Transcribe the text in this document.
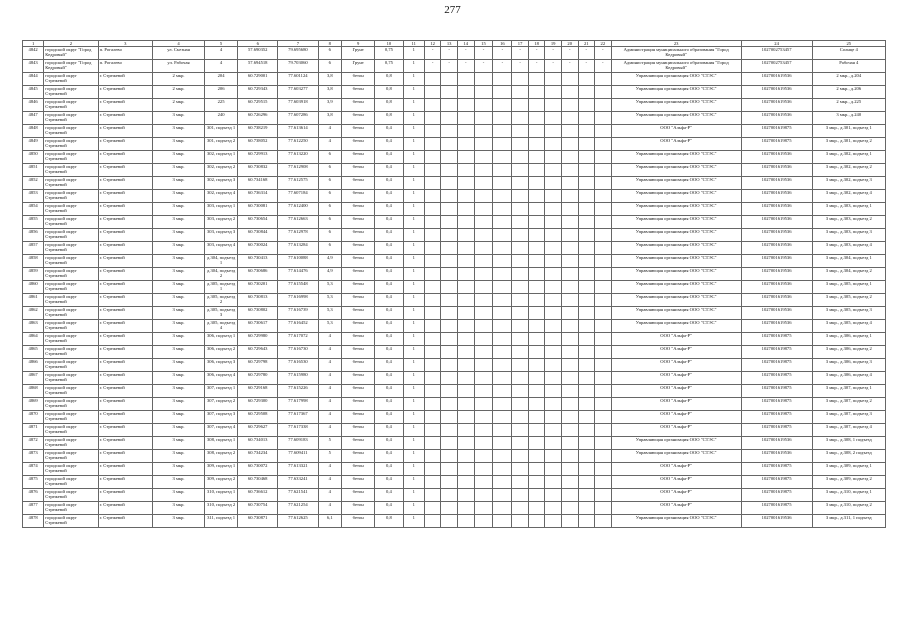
277
1	2	3	4	5	6	7	8	9	10	11	12	13	14	15	16	17	18	19	20	21	22	23	24	25
4842	городской округ "Город Кедровый"	п. Рогалево	ул. Съезная	4	57.690352	79.695680	6	Грунт	0,75	1	-	-	-	-	-	-	-	-	-	-	-	Администрация муниципального образования "Город Кедровый"	1027002753457	Солнце 4
4843	городской округ "Город Кедровый"	п. Рогалево	ул. Рабочая	4	57.694518	79.703060	6	Грунт	0,75	1	-	-	-	-	-	-	-	-	-	-	-	Администрация муниципального образования "Город Кедровый"	1027002753457	Рабочая 4
4844	городской округ Стрежевой	г. Стрежевой	2 мкр.	204	60.729001	77.601124	3,8	бетон	0,8	1												Управляющая организация ООО "СТЭС"	1027001619536	2 мкр., д.204
4845	городской округ Стрежевой	г. Стрежевой	2 мкр.	206	60.729343	77.603277	3,8	бетон	0,8	1												Управляющая организация ООО "СТЭС"	1027001619536	2 мкр., д.206
4846	городской округ Стрежевой	г. Стрежевой	2 мкр.	225	60.729515	77.603918	3,9	бетон	0,8	1												Управляющая организация ООО "СТЭС"	1027001619536	2 мкр., д.225
4847	городской округ Стрежевой	г. Стрежевой	3 мкр.	240	60.726296	77.607286	3,8	бетон	0,8	1												Управляющая организация ООО "СТЭС"	1027001619536	3 мкр., д.240
4848	городской округ Стрежевой	г. Стрежевой	3 мкр.	301, подъезд 1	60.738219	77.613614	4	бетон	0,4	1												ООО "Альфа-Р"	1027001619875	3 мкр., д.301, подъезд 1
4849	городской округ Стрежевой	г. Стрежевой	3 мкр.	301, подъезд 2	60.738052	77.612250	4	бетон	0,4	1												ООО "Альфа-Р"	1027001619875	3 мкр., д.301, подъезд 2
4850	городской округ Стрежевой	г. Стрежевой	3 мкр.	302, подъезд 1	60.729913	77.613220	6	бетон	0,4	1												Управляющая организация ООО "СТЭС"	1027001619536	3 мкр., д.302, подъезд 1
4851	городской округ Стрежевой	г. Стрежевой	3 мкр.	302, подъезд 2	60.730832	77.612908	6	бетон	0,4	1												Управляющая организация ООО "СТЭС"	1027001619536	3 мкр., д.302, подъезд 2
4852	городской округ Стрежевой	г. Стрежевой	3 мкр.	302, подъезд 3	60.734168	77.612575	6	бетон	0,4	1												Управляющая организация ООО "СТЭС"	1027001619536	3 мкр., д.302, подъезд 3
4853	городской округ Стрежевой	г. Стрежевой	3 мкр.	302, подъезд 4	60.736314	77.607184	6	бетон	0,4	1												Управляющая организация ООО "СТЭС"	1027001619536	3 мкр., д.302, подъезд 4
4854	городской округ Стрежевой	г. Стрежевой	3 мкр.	303, подъезд 1	60.730081	77.612400	6	бетон	0,4	1												Управляющая организация ООО "СТЭС"	1027001619536	3 мкр., д.303, подъезд 1
4855	городской округ Стрежевой	г. Стрежевой	3 мкр.	303, подъезд 2	60.730654	77.612663	6	бетон	0,4	1												Управляющая организация ООО "СТЭС"	1027001619536	3 мкр., д.303, подъезд 2
4856	городской округ Стрежевой	г. Стрежевой	3 мкр.	303, подъезд 3	60.730844	77.612978	6	бетон	0,4	1												Управляющая организация ООО "СТЭС"	1027001619536	3 мкр., д.303, подъезд 3
4857	городской округ Стрежевой	г. Стрежевой	3 мкр.	303, подъезд 4	60.730024	77.613284	6	бетон	0,4	1												Управляющая организация ООО "СТЭС"	1027001619536	3 мкр., д.303, подъезд 4
4858	городской округ Стрежевой	г. Стрежевой	3 мкр.	д.304, подъезд 1	60.730413	77.610088	4,9	бетон	0,4	1												Управляющая организация ООО "СТЭС"	1027001619536	3 мкр., д.304, подъезд 1
4859	городской округ Стрежевой	г. Стрежевой	3 мкр.	д.304, подъезд 2	60.730686	77.614476	4,9	бетон	0,4	1												Управляющая организация ООО "СТЭС"	1027001619536	3 мкр., д.304, подъезд 2
4860	городской округ Стрежевой	г. Стрежевой	3 мкр.	д.305, подъезд 1	60.730201	77.615548	5,3	бетон	0,4	1												Управляющая организация ООО "СТЭС"	1027001619536	3 мкр., д.305, подъезд 1
4861	городской округ Стрежевой	г. Стрежевой	3 мкр.	д.305, подъезд 2	60.730813	77.616998	5,3	бетон	0,4	1												Управляющая организация ООО "СТЭС"	1027001619536	3 мкр., д.305, подъезд 2
4862	городской округ Стрежевой	г. Стрежевой	3 мкр.	д.305, подъезд 3	60.730802	77.616739	5,3	бетон	0,4	1												Управляющая организация ООО "СТЭС"	1027001619536	3 мкр., д.305, подъезд 3
4863	городской округ Стрежевой	г. Стрежевой	3 мкр.	д.305, подъезд 4	60.730617	77.616452	5,3	бетон	0,4	1												Управляющая организация ООО "СТЭС"	1027001619536	3 мкр., д.305, подъезд 4
4864	городской округ Стрежевой	г. Стрежевой	3 мкр.	306, подъезд 1	60.729980	77.617072	4	бетон	0,4	1												ООО "Альфа-Р"	1027001619875	3 мкр., д.306, подъезд 1
4865	городской округ Стрежевой	г. Стрежевой	3 мкр.	306, подъезд 2	60.729643	77.616730	4	бетон	0,4	1												ООО "Альфа-Р"	1027001619875	3 мкр., д.306, подъезд 2
4866	городской округ Стрежевой	г. Стрежевой	3 мкр.	306, подъезд 3	60.729798	77.616530	4	бетон	0,4	1												ООО "Альфа-Р"	1027001619875	3 мкр., д.306, подъезд 3
4867	городской округ Стрежевой	г. Стрежевой	3 мкр.	306, подъезд 4	60.729780	77.615980	4	бетон	0,4	1												ООО "Альфа-Р"	1027001619875	3 мкр., д.306, подъезд 4
4868	городской округ Стрежевой	г. Стрежевой	3 мкр.	307, подъезд 1	60.729168	77.615226	4	бетон	0,4	1												ООО "Альфа-Р"	1027001619875	3 мкр., д.307, подъезд 1
4869	городской округ Стрежевой	г. Стрежевой	3 мкр.	307, подъезд 2	60.729300	77.617998	4	бетон	0,4	1												ООО "Альфа-Р"	1027001619875	3 мкр., д.307, подъезд 2
4870	городской округ Стрежевой	г. Стрежевой	3 мкр.	307, подъезд 3	60.729508	77.617367	4	бетон	0,4	1												ООО "Альфа-Р"	1027001619875	3 мкр., д.307, подъезд 3
4871	городской округ Стрежевой	г. Стрежевой	3 мкр.	307, подъезд 4	60.729627	77.617338	4	бетон	0,4	1												ООО "Альфа-Р"	1027001619875	3 мкр., д.307, подъезд 4
4872	городской округ Стрежевой	г. Стрежевой	3 мкр.	308, подъезд 1	60.734013	77.609183	5	бетон	0,4	1												Управляющая организация ООО "СТЭС"	1027001619536	3 мкр., д.308, 1 подъезд
4873	городской округ Стрежевой	г. Стрежевой	3 мкр.	308, подъезд 2	60.734234	77.609411	5	бетон	0,4	1												Управляющая организация ООО "СТЭС"	1027001619536	3 мкр., д.308, 2 подъезд
4874	городской округ Стрежевой	г. Стрежевой	3 мкр.	309, подъезд 1	60.730072	77.613321	4	бетон	0,4	1												ООО "Альфа-Р"	1027001619875	3 мкр., д.309, подъезд 1
4875	городской округ Стрежевой	г. Стрежевой	3 мкр.	309, подъезд 2	60.730468	77.633241	4	бетон	0,4	1												ООО "Альфа-Р"	1027001619875	3 мкр., д.309, подъезд 2
4876	городской округ Стрежевой	г. Стрежевой	3 мкр.	310, подъезд 1	60.736612	77.621541	4	бетон	0,4	1												ООО "Альфа-Р"	1027001619875	3 мкр., д.310, подъезд 1
4877	городской округ Стрежевой	г. Стрежевой	3 мкр.	310, подъезд 2	60.730754	77.621254	4	бетон	0,4	1												ООО "Альфа-Р"	1027001619875	3 мкр., д.310, подъезд 2
4878	городской округ Стрежевой	г. Стрежевой	3 мкр.	311, подъезд 1	60.730871	77.612625	6,1	бетон	0,8	1												Управляющая организация ООО "СТЭС"	1027001619536	3 мкр., д.311, 1 подъезд
